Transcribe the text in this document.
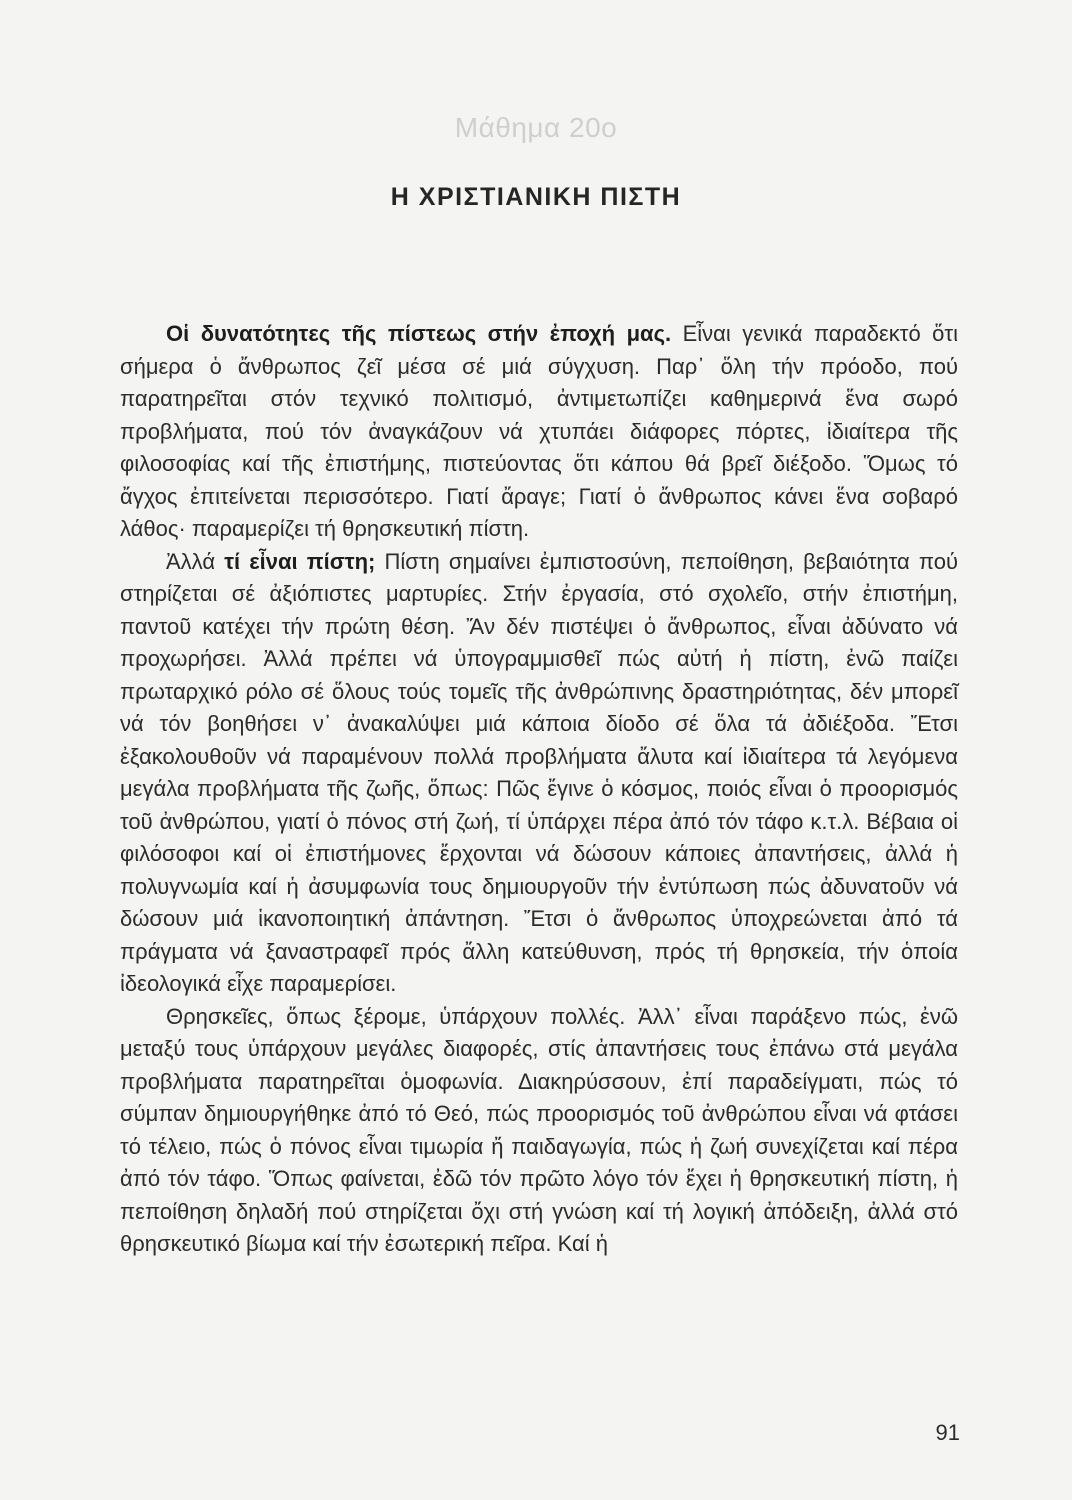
Μάθημα 20ο
Η ΧΡΙΣΤΙΑΝΙΚΗ ΠΙΣΤΗ

Οἱ δυνατότητες τῆς πίστεως στήν ἐποχή μας. Εἶναι γενικά παραδεκτό ὅτι σήμερα ὁ ἄνθρωπος ζεῖ μέσα σέ μιά σύγχυση. Παρ᾽ ὅλη τήν πρόοδο, πού παρατηρεῖται στόν τεχνικό πολιτισμό, ἀντιμετωπίζει καθημερινά ἕνα σωρό προβλήματα, πού τόν ἀναγκάζουν νά χτυπάει διάφορες πόρτες, ἰδιαίτερα τῆς φιλοσοφίας καί τῆς ἐπιστήμης, πιστεύοντας ὅτι κάπου θά βρεῖ διέξοδο. Ὅμως τό ἄγχος ἐπιτείνεται περισσότερο. Γιατί ἄραγε; Γιατί ὁ ἄνθρωπος κάνει ἕνα σοβαρό λάθος· παραμερίζει τή θρησκευτική πίστη.

Ἀλλά τί εἶναι πίστη; Πίστη σημαίνει ἐμπιστοσύνη, πεποίθηση, βεβαιότητα πού στηρίζεται σέ ἀξιόπιστες μαρτυρίες. Στήν ἐργασία, στό σχολεῖο, στήν ἐπιστήμη, παντοῦ κατέχει τήν πρώτη θέση. Ἄν δέν πιστέψει ὁ ἄνθρωπος, εἶναι ἀδύνατο νά προχωρήσει. Ἀλλά πρέπει νά ὑπογραμμισθεῖ πώς αὐτή ἡ πίστη, ἐνῶ παίζει πρωταρχικό ρόλο σέ ὅλους τούς τομεῖς τῆς ἀνθρώπινης δραστηριότητας, δέν μπορεῖ νά τόν βοηθήσει ν᾽ ἀνακαλύψει μιά κάποια δίοδο σέ ὅλα τά ἀδιέξοδα. Ἔτσι ἐξακολουθοῦν νά παραμένουν πολλά προβλήματα ἄλυτα καί ἰδιαίτερα τά λεγόμενα μεγάλα προβλήματα τῆς ζωῆς, ὅπως: Πῶς ἔγινε ὁ κόσμος, ποιός εἶναι ὁ προορισμός τοῦ ἀνθρώπου, γιατί ὁ πόνος στή ζωή, τί ὑπάρχει πέρα ἀπό τόν τάφο κ.τ.λ. Βέβαια οἱ φιλόσοφοι καί οἱ ἐπιστήμονες ἔρχονται νά δώσουν κάποιες ἀπαντήσεις, ἀλλά ἡ πολυγνωμία καί ἡ ἀσυμφωνία τους δημιουργοῦν τήν ἐντύπωση πώς ἀδυνατοῦν νά δώσουν μιά ἱκανοποιητική ἀπάντηση. Ἔτσι ὁ ἄνθρωπος ὑποχρεώνεται ἀπό τά πράγματα νά ξαναστραφεῖ πρός ἄλλη κατεύθυνση, πρός τή θρησκεία, τήν ὁποία ἰδεολογικά εἶχε παραμερίσει.

Θρησκεῖες, ὅπως ξέρομε, ὑπάρχουν πολλές. Ἀλλ᾽ εἶναι παράξενο πώς, ἐνῶ μεταξύ τους ὑπάρχουν μεγάλες διαφορές, στίς ἀπαντήσεις τους ἐπάνω στά μεγάλα προβλήματα παρατηρεῖται ὁμοφωνία. Διακηρύσσουν, ἐπί παραδείγματι, πώς τό σύμπαν δημιουργήθηκε ἀπό τό Θεό, πώς προορισμός τοῦ ἀνθρώπου εἶναι νά φτάσει τό τέλειο, πώς ὁ πόνος εἶναι τιμωρία ἤ παιδαγωγία, πώς ἡ ζωή συνεχίζεται καί πέρα ἀπό τόν τάφο. Ὅπως φαίνεται, ἐδῶ τόν πρῶτο λόγο τόν ἔχει ἡ θρησκευτική πίστη, ἡ πεποίθηση δηλαδή πού στηρίζεται ὄχι στή γνώση καί τή λογική ἀπόδειξη, ἀλλά στό θρησκευτικό βίωμα καί τήν ἐσωτερική πεῖρα. Καί ἡ

91
